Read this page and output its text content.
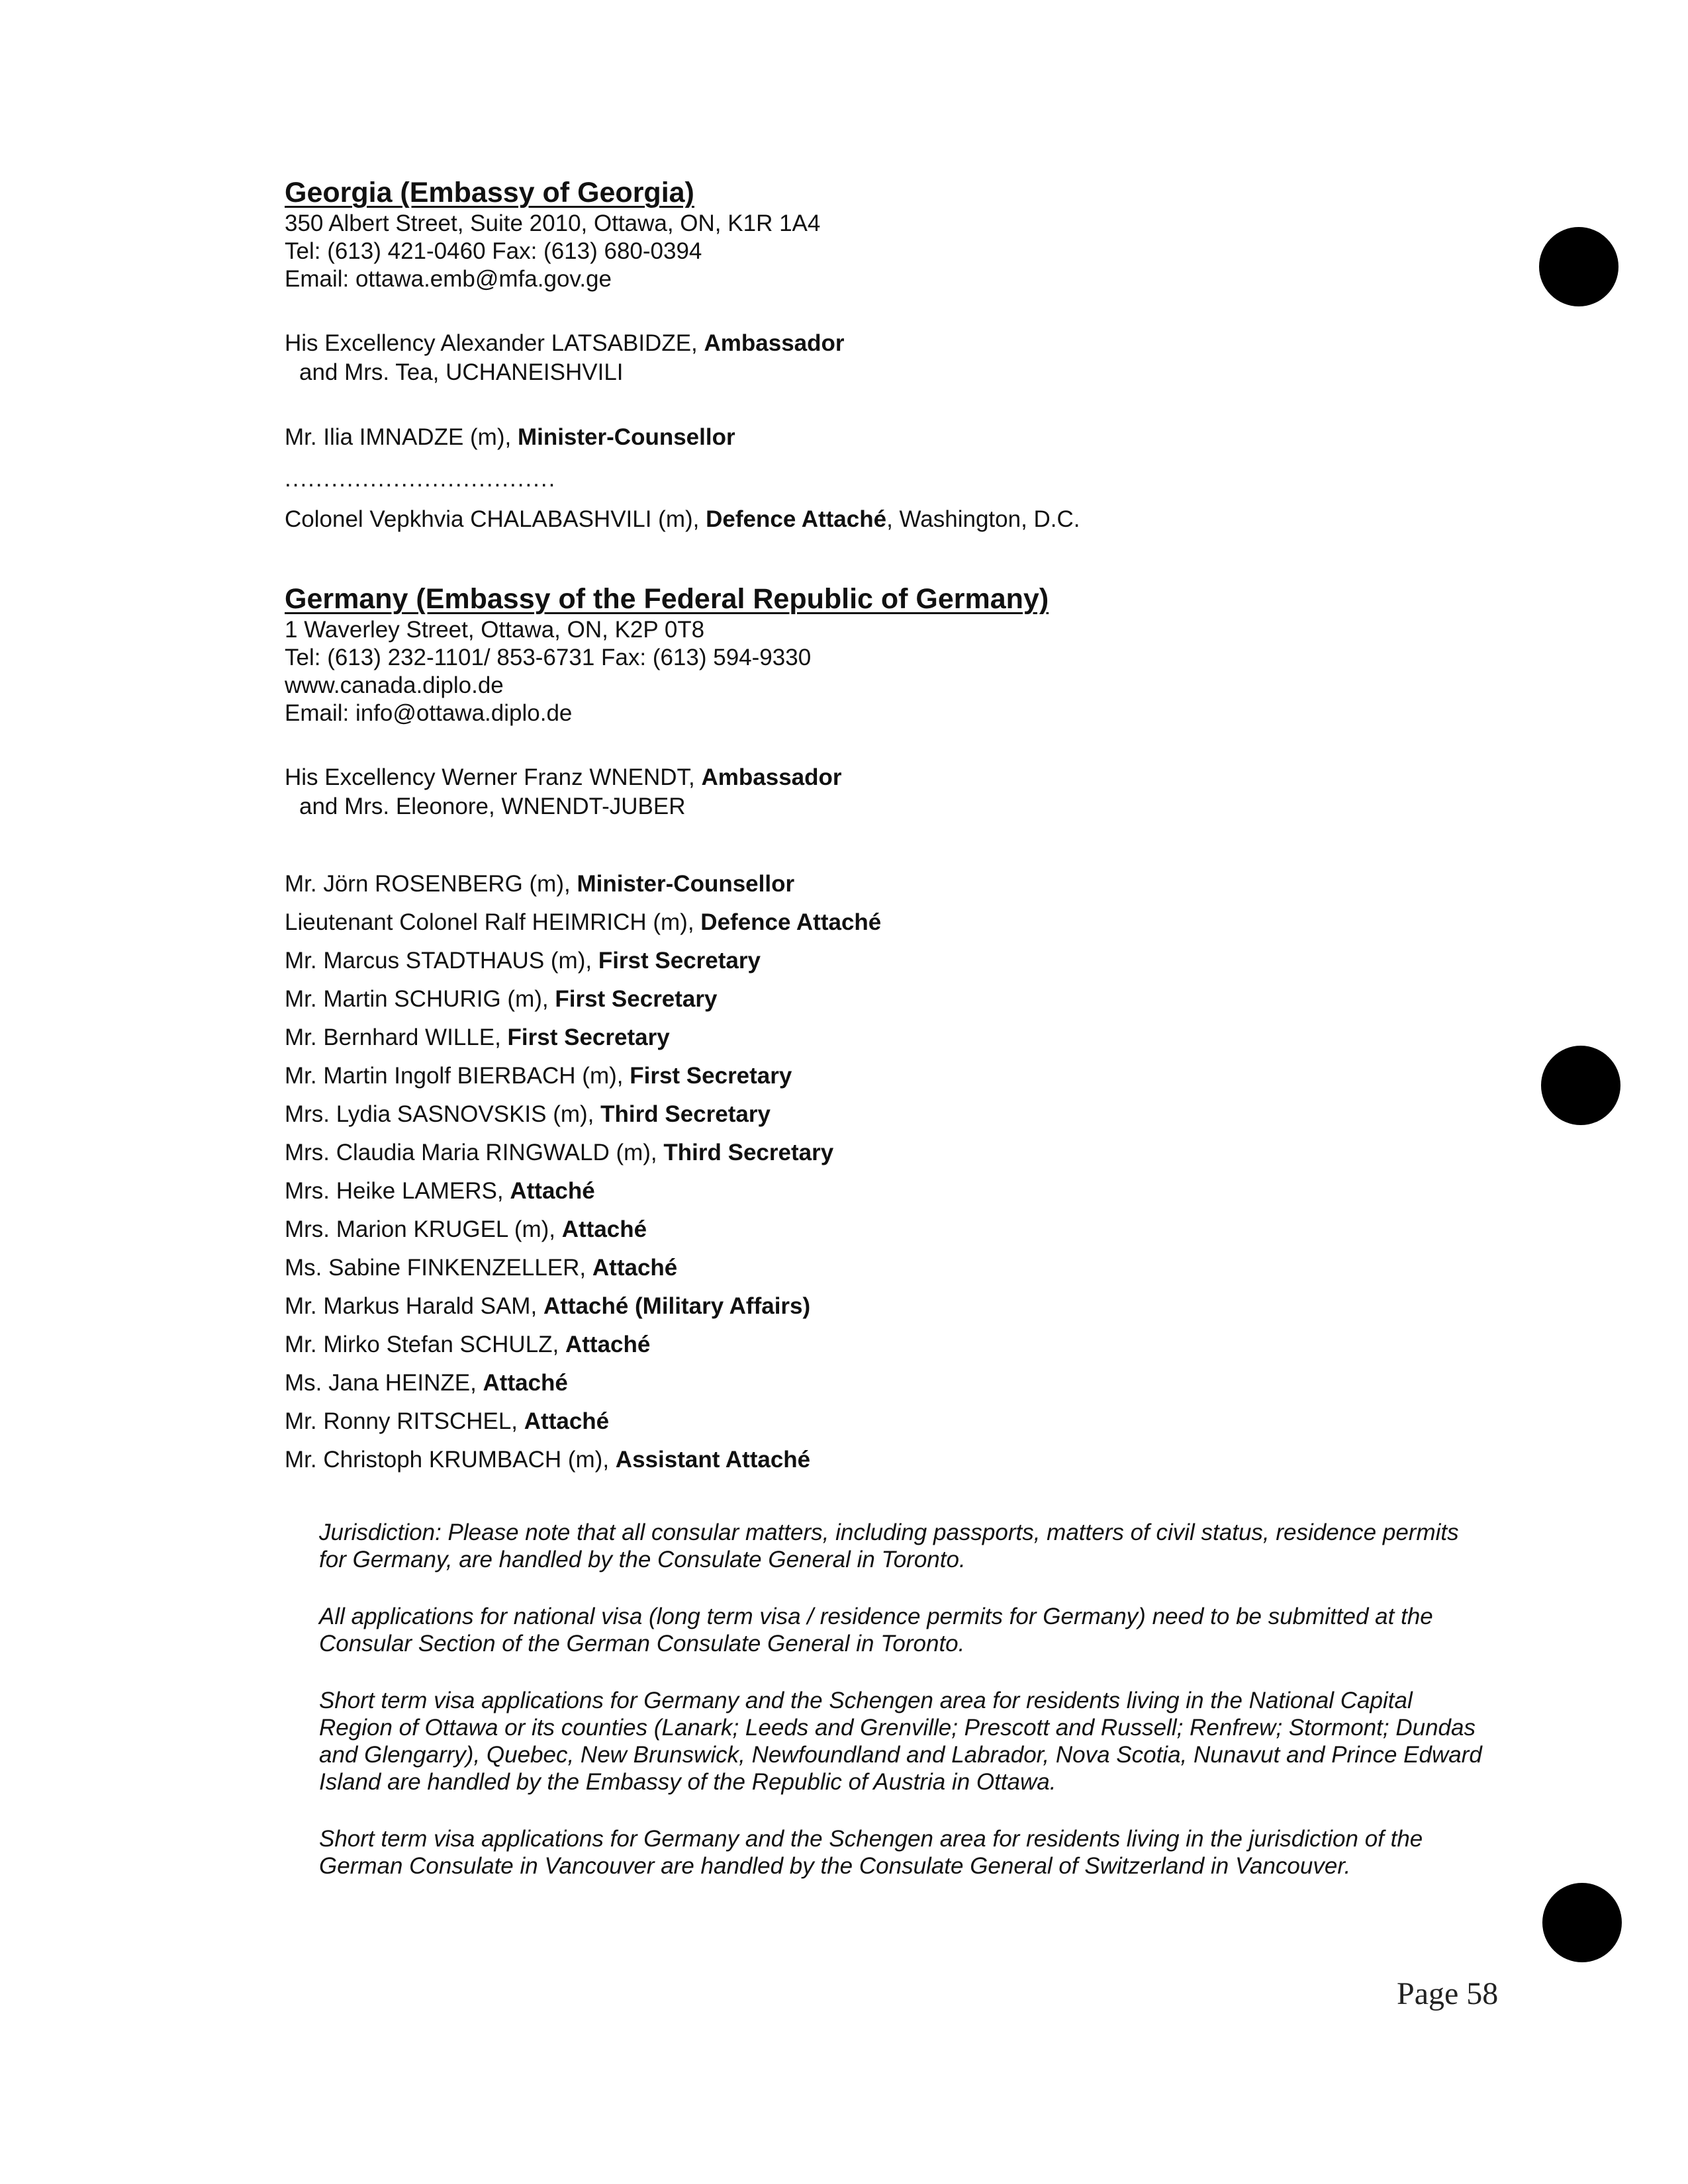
Georgia (Embassy of Georgia)

350 Albert Street, Suite 2010, Ottawa, ON, K1R 1A4

Tel: (613) 421-0460 Fax: (613) 680-0394

Email: ottawa.emb@mfa.gov.ge

His Excellency Alexander LATSABIDZE, Ambassador

and Mrs. Tea, UCHANEISHVILI

Mr. Ilia IMNADZE (m), Minister-Counsellor

...................................

Colonel Vepkhvia CHALABASHVILI (m), Defence Attaché, Washington, D.C.

Germany (Embassy of the Federal Republic of Germany)

1 Waverley Street, Ottawa, ON, K2P 0T8

Tel: (613) 232-1101/ 853-6731 Fax: (613) 594-9330

www.canada.diplo.de

Email: info@ottawa.diplo.de

His Excellency Werner Franz WNENDT, Ambassador

and Mrs. Eleonore, WNENDT-JUBER

Mr. Jörn ROSENBERG (m), Minister-Counsellor
Lieutenant Colonel Ralf HEIMRICH (m), Defence Attaché
Mr. Marcus STADTHAUS (m), First Secretary
Mr. Martin SCHURIG (m), First Secretary
Mr. Bernhard WILLE, First Secretary
Mr. Martin Ingolf BIERBACH (m), First Secretary
Mrs. Lydia SASNOVSKIS (m), Third Secretary
Mrs. Claudia Maria RINGWALD (m), Third Secretary
Mrs. Heike LAMERS, Attaché
Mrs. Marion KRUGEL (m), Attaché
Ms. Sabine FINKENZELLER, Attaché
Mr. Markus Harald SAM, Attaché (Military Affairs)
Mr. Mirko Stefan SCHULZ, Attaché
Ms. Jana HEINZE, Attaché
Mr. Ronny RITSCHEL, Attaché
Mr. Christoph KRUMBACH (m), Assistant Attaché

Jurisdiction: Please note that all consular matters, including passports, matters of civil status, residence permits for Germany, are handled by the Consulate General in Toronto.

All applications for national visa (long term visa / residence permits for Germany) need to be submitted at the Consular Section of the German Consulate General in Toronto.

Short term visa applications for Germany and the Schengen area for residents living in the National Capital Region of Ottawa or its counties (Lanark; Leeds and Grenville; Prescott and Russell; Renfrew; Stormont; Dundas and Glengarry), Quebec, New Brunswick, Newfoundland and Labrador, Nova Scotia, Nunavut and Prince Edward Island are handled by the Embassy of the Republic of Austria in Ottawa.

Short term visa applications for Germany and the Schengen area for residents living in the jurisdiction of the German Consulate in Vancouver are handled by the Consulate General of Switzerland in Vancouver.

Page 58
